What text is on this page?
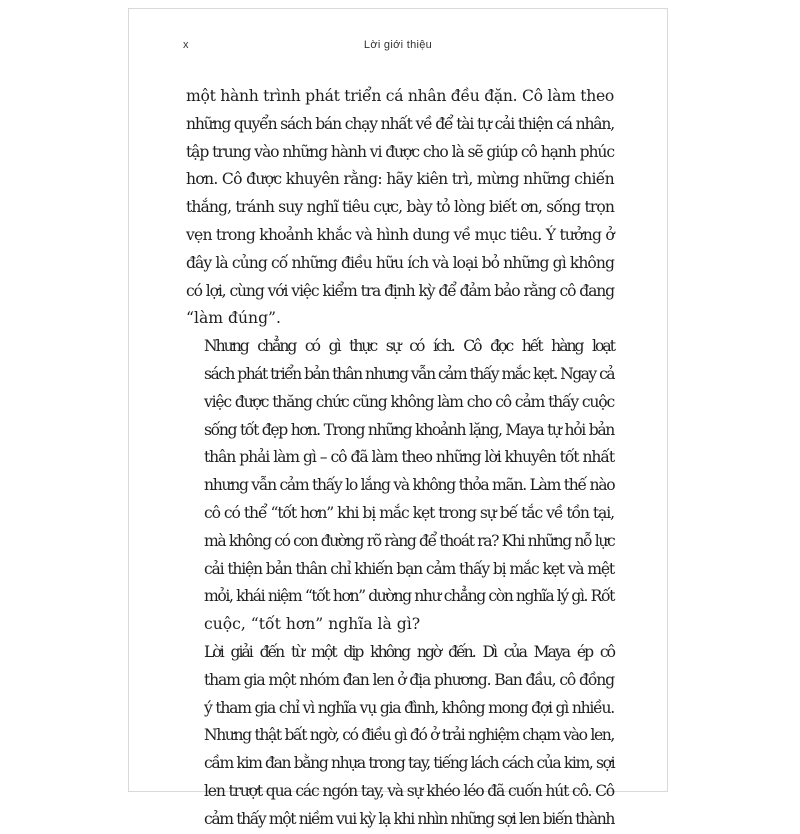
x	Lời giới thiệu

một hành trình phát triển cá nhân đều đặn. Cô làm theo
những quyển sách bán chạy nhất về để tài tự cải thiện cá nhân,
tập trung vào những hành vi được cho là sẽ giúp cô hạnh phúc
hơn. Cô được khuyên rằng: hãy kiên trì, mừng những chiến
thắng, tránh suy nghĩ tiêu cực, bày tỏ lòng biết ơn, sống trọn
vẹn trong khoảnh khắc và hình dung về mục tiêu. Ý tưởng ở
đây là củng cố những điều hữu ích và loại bỏ những gì không
có lợi, cùng với việc kiểm tra định kỳ để đảm bảo rằng cô đang
“làm đúng”.

Nhưng chẳng có gì thực sự có ích. Cô đọc hết hàng loạt
sách phát triển bản thân nhưng vẫn cảm thấy mắc kẹt. Ngay cả
việc được thăng chức cũng không làm cho cô cảm thấy cuộc
sống tốt đẹp hơn. Trong những khoảnh lặng, Maya tự hỏi bản
thân phải làm gì – cô đã làm theo những lời khuyên tốt nhất
nhưng vẫn cảm thấy lo lắng và không thỏa mãn. Làm thế nào
cô có thể “tốt hơn” khi bị mắc kẹt trong sự bế tắc về tồn tại,
mà không có con đường rõ ràng để thoát ra? Khi những nỗ lực
cải thiện bản thân chỉ khiến bạn cảm thấy bị mắc kẹt và mệt
mỏi, khái niệm “tốt hơn” dường như chẳng còn nghĩa lý gì. Rốt
cuộc, “tốt hơn” nghĩa là gì?

Lời giải đến từ một dịp không ngờ đến. Dì của Maya ép cô
tham gia một nhóm đan len ở địa phương. Ban đầu, cô đồng
ý tham gia chỉ vì nghĩa vụ gia đình, không mong đợi gì nhiều.
Nhưng thật bất ngờ, có điều gì đó ở trải nghiệm chạm vào len,
cầm kim đan bằng nhựa trong tay, tiếng lách cách của kim, sợi
len trượt qua các ngón tay, và sự khéo léo đã cuốn hút cô. Cô
cảm thấy một niềm vui kỳ lạ khi nhìn những sợi len biến thành
